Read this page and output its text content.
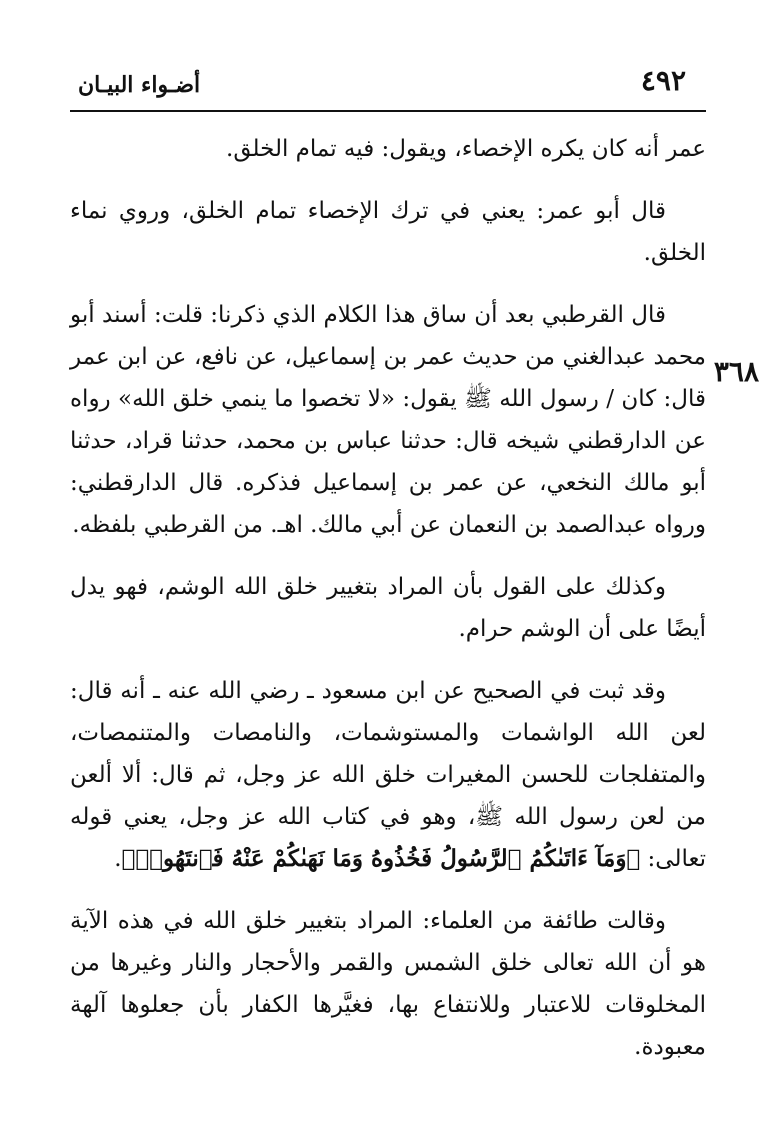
٤٩٢
أضـواء البيـان
٣٦٨

عمر أنه كان يكره الإخصاء، ويقول: فيه تمام الخلق.

قال أبو عمر: يعني في ترك الإخصاء تمام الخلق، وروي نماء الخلق.

قال القرطبي بعد أن ساق هذا الكلام الذي ذكرنا: قلت: أسند أبو محمد عبدالغني من حديث عمر بن إسماعيل، عن نافع، عن ابن عمر قال: كان / رسول الله ﷺ يقول: «لا تخصوا ما ينمي خلق الله» رواه عن الدارقطني شيخه قال: حدثنا عباس بن محمد، حدثنا قراد، حدثنا أبو مالك النخعي، عن عمر بن إسماعيل فذكره. قال الدارقطني: ورواه عبدالصمد بن النعمان عن أبي مالك. اهـ. من القرطبي بلفظه.

وكذلك على القول بأن المراد بتغيير خلق الله الوشم، فهو يدل أيضًا على أن الوشم حرام.

وقد ثبت في الصحيح عن ابن مسعود ـ رضي الله عنه ـ أنه قال: لعن الله الواشمات والمستوشمات، والنامصات والمتنمصات، والمتفلجات للحسن المغيرات خلق الله عز وجل، ثم قال: ألا ألعن من لعن رسول الله ﷺ، وهو في كتاب الله عز وجل، يعني قوله تعالى: ﴿وَمَآ ءَاتَىٰكُمُ ٱلرَّسُولُ فَخُذُوهُ وَمَا نَهَىٰكُمْ عَنْهُ فَٱنتَهُوا۟﴾.

وقالت طائفة من العلماء: المراد بتغيير خلق الله في هذه الآية هو أن الله تعالى خلق الشمس والقمر والأحجار والنار وغيرها من المخلوقات للاعتبار وللانتفاع بها، فغيَّرها الكفار بأن جعلوها آلهة معبودة.
